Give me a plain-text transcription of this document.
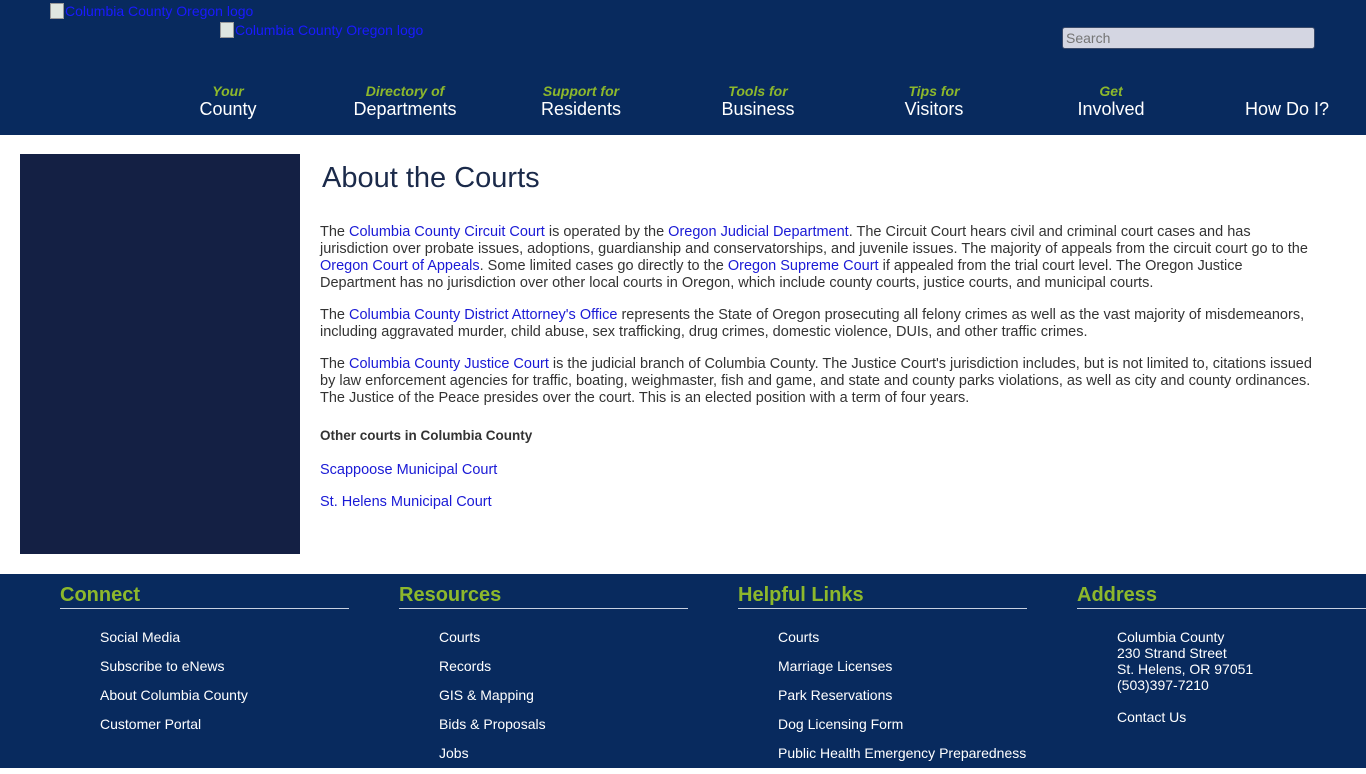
Columbia County Oregon logo
Columbia County Oregon logo
Search
Your
County
Directory of
Departments
Support for
Residents
Tools for
Business
Tips for
Visitors
Get
Involved	How Do I?
About the Courts

The Columbia County Circuit Court is operated by the Oregon Judicial Department. The Circuit Court hears civil and criminal court cases and has jurisdiction over probate issues, adoptions, guardianship and conservatorships, and juvenile issues. The majority of appeals from the circuit court go to the Oregon Court of Appeals. Some limited cases go directly to the Oregon Supreme Court if appealed from the trial court level. The Oregon Justice Department has no jurisdiction over other local courts in Oregon, which include county courts, justice courts, and municipal courts.

The Columbia County District Attorney's Office represents the State of Oregon prosecuting all felony crimes as well as the vast majority of misdemeanors, including aggravated murder, child abuse, sex trafficking, drug crimes, domestic violence, DUIs, and other traffic crimes.

The Columbia County Justice Court is the judicial branch of Columbia County. The Justice Court's jurisdiction includes, but is not limited to, citations issued by law enforcement agencies for traffic, boating, weighmaster, fish and game, and state and county parks violations, as well as city and county ordinances. The Justice of the Peace presides over the court. This is an elected position with a term of four years.

Other courts in Columbia County
Scappoose Municipal Court
St. Helens Municipal Court
Connect
Social Media
Subscribe to eNews
About Columbia County
Customer Portal
Resources
Courts
Records
GIS & Mapping
Bids & Proposals
Jobs
Helpful Links
Courts
Marriage Licenses
Park Reservations
Dog Licensing Form
Public Health Emergency Preparedness
Address
Columbia County
230 Strand Street
St. Helens, OR 97051
(503)397-7210
Contact Us
